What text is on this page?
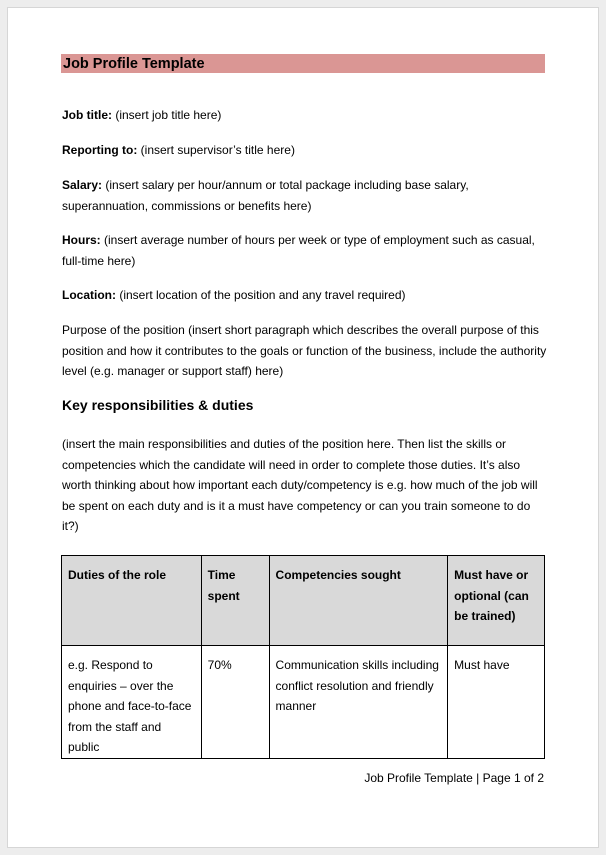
Job Profile Template
Job title: (insert job title here)
Reporting to: (insert supervisor’s title here)
Salary: (insert salary per hour/annum or total package including base salary, superannuation, commissions or benefits here)
Hours: (insert average number of hours per week or type of employment such as casual, full-time here)
Location: (insert location of the position and any travel required)
Purpose of the position (insert short paragraph which describes the overall purpose of this position and how it contributes to the goals or function of the business, include the authority level (e.g. manager or support staff) here)
Key responsibilities & duties
(insert the main responsibilities and duties of the position here. Then list the skills or competencies which the candidate will need in order to complete those duties. It’s also worth thinking about how important each duty/competency is e.g. how much of the job will be spent on each duty and is it a must have competency or can you train someone to do it?)
Duties of the role	Time spent	Competencies sought	Must have or optional (can be trained)
e.g. Respond to enquiries – over the phone and face-to-face from the staff and public	70%	Communication skills including conflict resolution and friendly manner	Must have
Job Profile Template | Page 1 of 2
